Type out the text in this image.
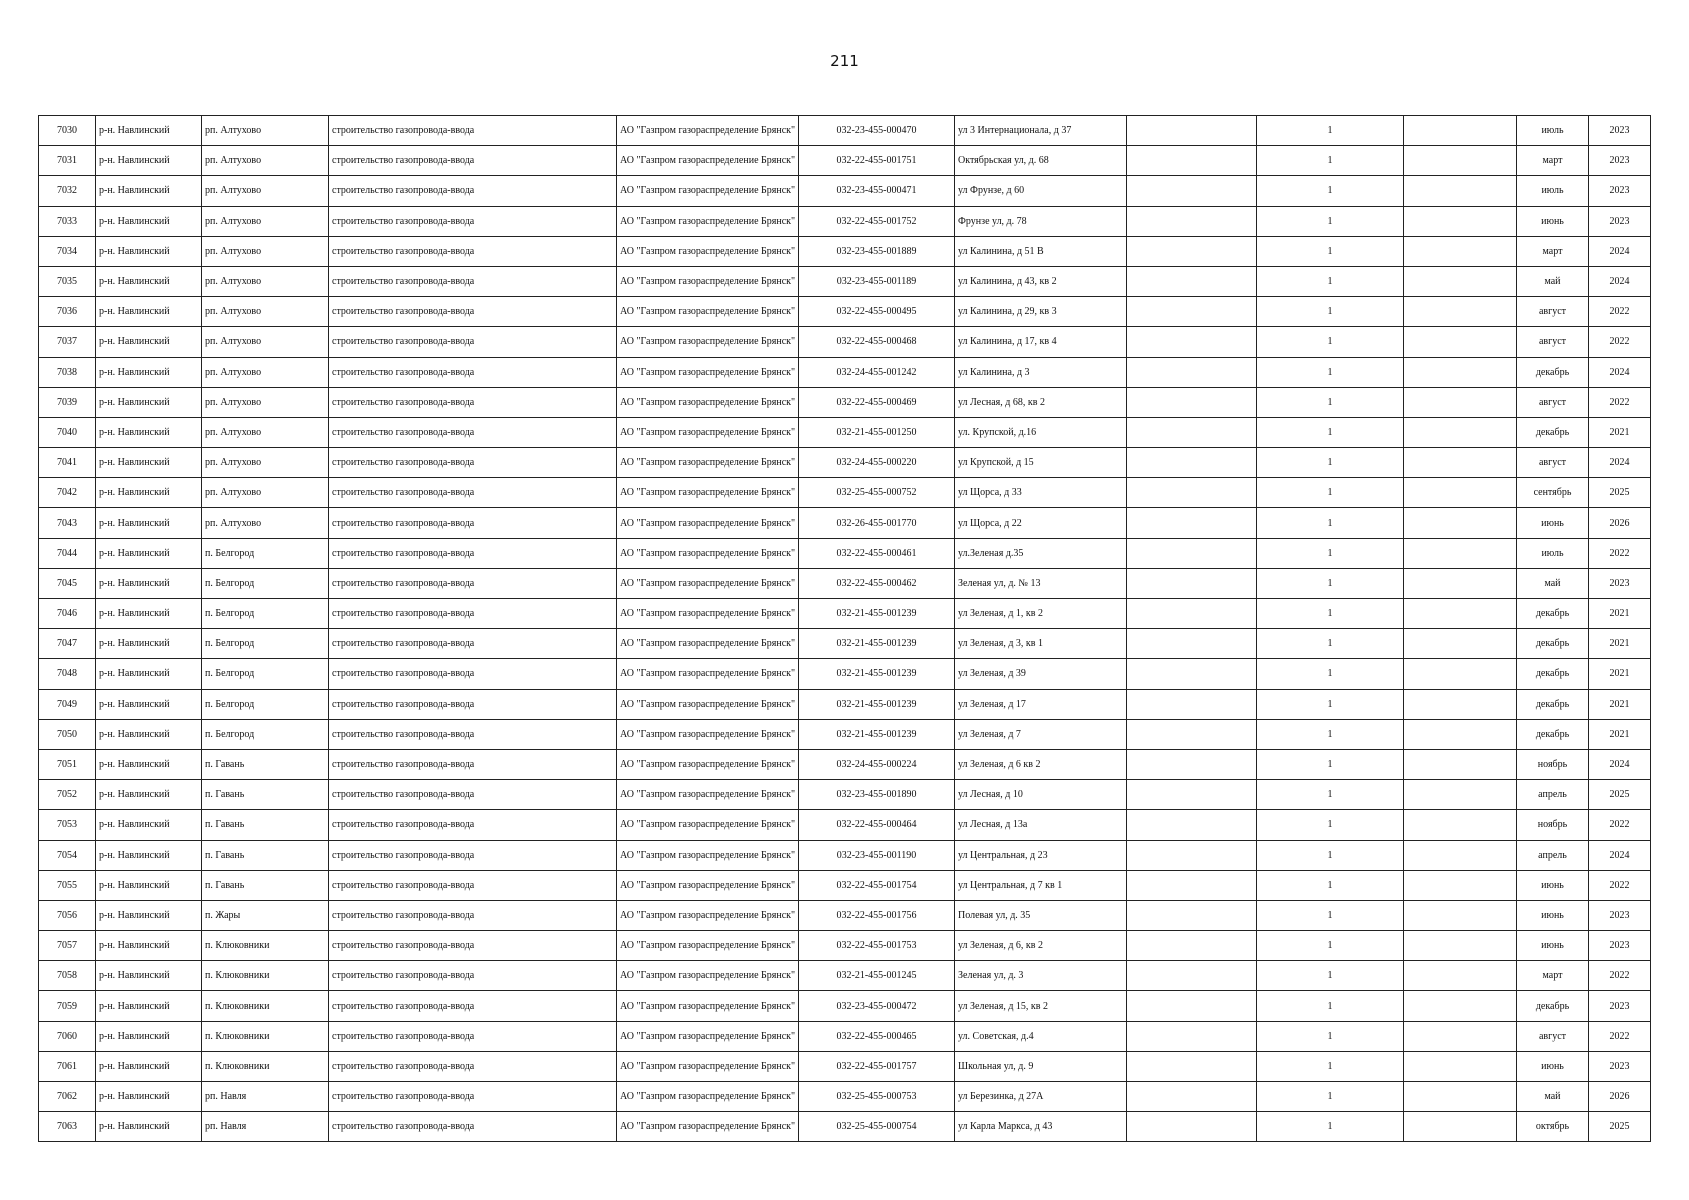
211
7030	р-н. Навлинский	рп. Алтухово	строительство газопровода-ввода	АО "Газпром газораспределение Брянск"	032-23-455-000470	ул 3 Интернационала, д 37		1		июль	2023
7031	р-н. Навлинский	рп. Алтухово	строительство газопровода-ввода	АО "Газпром газораспределение Брянск"	032-22-455-001751	Октябрьская ул, д. 68		1		март	2023
7032	р-н. Навлинский	рп. Алтухово	строительство газопровода-ввода	АО "Газпром газораспределение Брянск"	032-23-455-000471	ул Фрунзе, д 60		1		июль	2023
7033	р-н. Навлинский	рп. Алтухово	строительство газопровода-ввода	АО "Газпром газораспределение Брянск"	032-22-455-001752	Фрунзе ул, д. 78		1		июнь	2023
7034	р-н. Навлинский	рп. Алтухово	строительство газопровода-ввода	АО "Газпром газораспределение Брянск"	032-23-455-001889	ул Калинина, д 51 В		1		март	2024
7035	р-н. Навлинский	рп. Алтухово	строительство газопровода-ввода	АО "Газпром газораспределение Брянск"	032-23-455-001189	ул Калинина, д 43, кв 2		1		май	2024
7036	р-н. Навлинский	рп. Алтухово	строительство газопровода-ввода	АО "Газпром газораспределение Брянск"	032-22-455-000495	ул Калинина, д 29, кв 3		1		август	2022
7037	р-н. Навлинский	рп. Алтухово	строительство газопровода-ввода	АО "Газпром газораспределение Брянск"	032-22-455-000468	ул Калинина, д 17, кв 4		1		август	2022
7038	р-н. Навлинский	рп. Алтухово	строительство газопровода-ввода	АО "Газпром газораспределение Брянск"	032-24-455-001242	ул Калинина, д 3		1		декабрь	2024
7039	р-н. Навлинский	рп. Алтухово	строительство газопровода-ввода	АО "Газпром газораспределение Брянск"	032-22-455-000469	ул Лесная, д 68, кв 2		1		август	2022
7040	р-н. Навлинский	рп. Алтухово	строительство газопровода-ввода	АО "Газпром газораспределение Брянск"	032-21-455-001250	ул. Крупской, д.16		1		декабрь	2021
7041	р-н. Навлинский	рп. Алтухово	строительство газопровода-ввода	АО "Газпром газораспределение Брянск"	032-24-455-000220	ул Крупской, д 15		1		август	2024
7042	р-н. Навлинский	рп. Алтухово	строительство газопровода-ввода	АО "Газпром газораспределение Брянск"	032-25-455-000752	ул Щорса, д 33		1		сентябрь	2025
7043	р-н. Навлинский	рп. Алтухово	строительство газопровода-ввода	АО "Газпром газораспределение Брянск"	032-26-455-001770	ул Щорса, д 22		1		июнь	2026
7044	р-н. Навлинский	п. Белгород	строительство газопровода-ввода	АО "Газпром газораспределение Брянск"	032-22-455-000461	ул.Зеленая д.35		1		июль	2022
7045	р-н. Навлинский	п. Белгород	строительство газопровода-ввода	АО "Газпром газораспределение Брянск"	032-22-455-000462	Зеленая ул, д. № 13		1		май	2023
7046	р-н. Навлинский	п. Белгород	строительство газопровода-ввода	АО "Газпром газораспределение Брянск"	032-21-455-001239	ул Зеленая, д 1, кв 2		1		декабрь	2021
7047	р-н. Навлинский	п. Белгород	строительство газопровода-ввода	АО "Газпром газораспределение Брянск"	032-21-455-001239	ул Зеленая, д 3, кв 1		1		декабрь	2021
7048	р-н. Навлинский	п. Белгород	строительство газопровода-ввода	АО "Газпром газораспределение Брянск"	032-21-455-001239	ул Зеленая, д 39		1		декабрь	2021
7049	р-н. Навлинский	п. Белгород	строительство газопровода-ввода	АО "Газпром газораспределение Брянск"	032-21-455-001239	ул Зеленая, д 17		1		декабрь	2021
7050	р-н. Навлинский	п. Белгород	строительство газопровода-ввода	АО "Газпром газораспределение Брянск"	032-21-455-001239	ул Зеленая, д 7		1		декабрь	2021
7051	р-н. Навлинский	п. Гавань	строительство газопровода-ввода	АО "Газпром газораспределение Брянск"	032-24-455-000224	ул Зеленая, д 6 кв 2		1		ноябрь	2024
7052	р-н. Навлинский	п. Гавань	строительство газопровода-ввода	АО "Газпром газораспределение Брянск"	032-23-455-001890	ул Лесная, д 10		1		апрель	2025
7053	р-н. Навлинский	п. Гавань	строительство газопровода-ввода	АО "Газпром газораспределение Брянск"	032-22-455-000464	ул Лесная, д 13а		1		ноябрь	2022
7054	р-н. Навлинский	п. Гавань	строительство газопровода-ввода	АО "Газпром газораспределение Брянск"	032-23-455-001190	ул Центральная, д 23		1		апрель	2024
7055	р-н. Навлинский	п. Гавань	строительство газопровода-ввода	АО "Газпром газораспределение Брянск"	032-22-455-001754	ул Центральная, д 7 кв 1		1		июнь	2022
7056	р-н. Навлинский	п. Жары	строительство газопровода-ввода	АО "Газпром газораспределение Брянск"	032-22-455-001756	Полевая ул, д. 35		1		июнь	2023
7057	р-н. Навлинский	п. Клюковники	строительство газопровода-ввода	АО "Газпром газораспределение Брянск"	032-22-455-001753	ул Зеленая, д 6, кв 2		1		июнь	2023
7058	р-н. Навлинский	п. Клюковники	строительство газопровода-ввода	АО "Газпром газораспределение Брянск"	032-21-455-001245	Зеленая ул, д. 3		1		март	2022
7059	р-н. Навлинский	п. Клюковники	строительство газопровода-ввода	АО "Газпром газораспределение Брянск"	032-23-455-000472	ул Зеленая, д 15, кв 2		1		декабрь	2023
7060	р-н. Навлинский	п. Клюковники	строительство газопровода-ввода	АО "Газпром газораспределение Брянск"	032-22-455-000465	ул. Советская, д.4		1		август	2022
7061	р-н. Навлинский	п. Клюковники	строительство газопровода-ввода	АО "Газпром газораспределение Брянск"	032-22-455-001757	Школьная ул, д. 9		1		июнь	2023
7062	р-н. Навлинский	рп. Навля	строительство газопровода-ввода	АО "Газпром газораспределение Брянск"	032-25-455-000753	ул Березинка, д 27А		1		май	2026
7063	р-н. Навлинский	рп. Навля	строительство газопровода-ввода	АО "Газпром газораспределение Брянск"	032-25-455-000754	ул Карла Маркса, д 43		1		октябрь	2025
